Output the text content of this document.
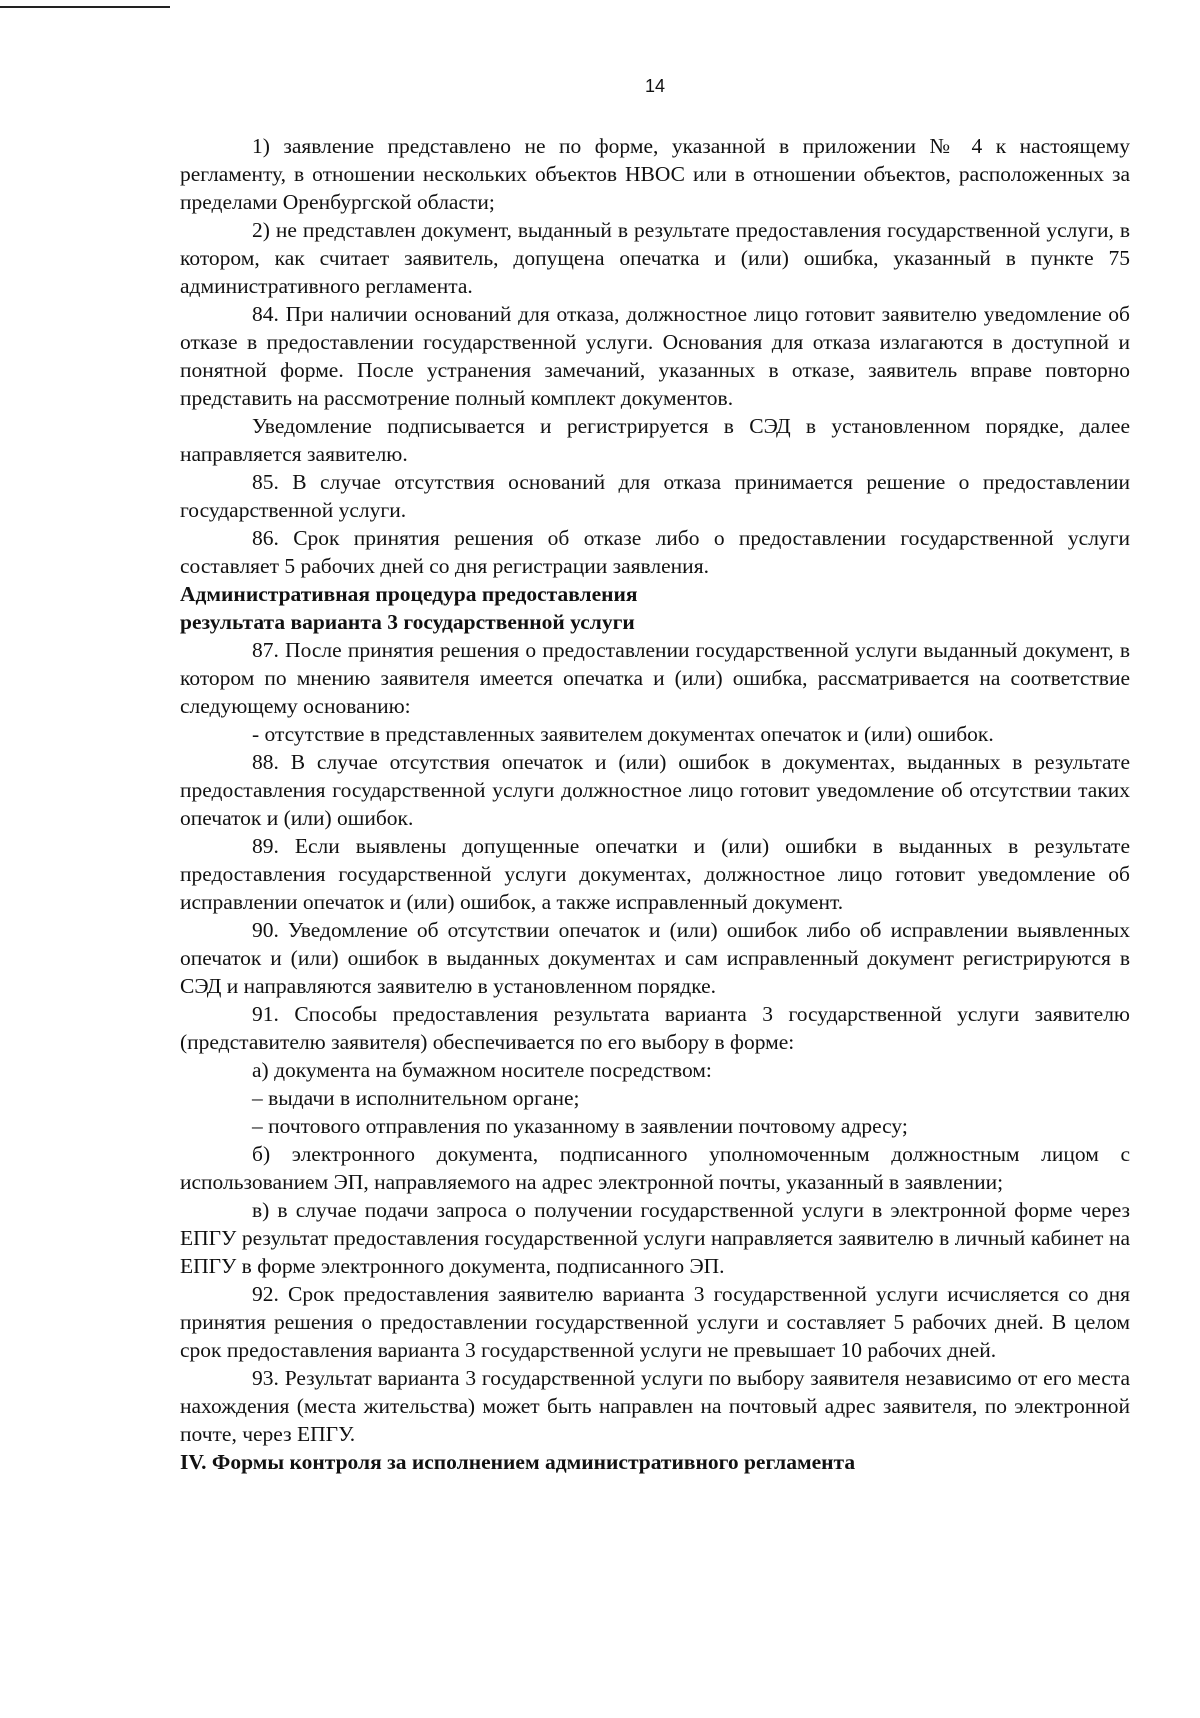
14

1) заявление представлено не по форме, указанной в приложении № 4 к настоящему регламенту, в отношении нескольких объектов НВОС или в отношении объектов, расположенных за пределами Оренбургской области;

2) не представлен документ, выданный в результате предоставления государственной услуги, в котором, как считает заявитель, допущена опечатка и (или) ошибка, указанный в пункте 75 административного регламента.

84. При наличии оснований для отказа, должностное лицо готовит заявителю уведомление об отказе в предоставлении государственной услуги. Основания для отказа излагаются в доступной и понятной форме. После устранения замечаний, указанных в отказе, заявитель вправе повторно представить на рассмотрение полный комплект документов.

Уведомление подписывается и регистрируется в СЭД в установленном порядке, далее направляется заявителю.

85. В случае отсутствия оснований для отказа принимается решение о предоставлении государственной услуги.

86. Срок принятия решения об отказе либо о предоставлении государственной услуги составляет 5 рабочих дней со дня регистрации заявления.

Административная процедура предоставления
результата варианта 3 государственной услуги

87. После принятия решения о предоставлении государственной услуги выданный документ, в котором по мнению заявителя имеется опечатка и (или) ошибка, рассматривается на соответствие следующему основанию:

- отсутствие в представленных заявителем документах опечаток и (или) ошибок.

88. В случае отсутствия опечаток и (или) ошибок в документах, выданных в результате предоставления государственной услуги должностное лицо готовит уведомление об отсутствии таких опечаток и (или) ошибок.

89. Если выявлены допущенные опечатки и (или) ошибки в выданных в результате предоставления государственной услуги документах, должностное лицо готовит уведомление об исправлении опечаток и (или) ошибок, а также исправленный документ.

90. Уведомление об отсутствии опечаток и (или) ошибок либо об исправлении выявленных опечаток и (или) ошибок в выданных документах и сам исправленный документ регистрируются в СЭД и направляются заявителю в установленном порядке.

91. Способы предоставления результата варианта 3 государственной услуги заявителю (представителю заявителя) обеспечивается по его выбору в форме:

а) документа на бумажном носителе посредством:

– выдачи в исполнительном органе;

– почтового отправления по указанному в заявлении почтовому адресу;

б) электронного документа, подписанного уполномоченным должностным лицом с использованием ЭП, направляемого на адрес электронной почты, указанный в заявлении;

в) в случае подачи запроса о получении государственной услуги в электронной форме через ЕПГУ результат предоставления государственной услуги направляется заявителю в личный кабинет на ЕПГУ в форме электронного документа, подписанного ЭП.

92. Срок предоставления заявителю варианта 3 государственной услуги исчисляется со дня принятия решения о предоставлении государственной услуги и составляет 5 рабочих дней. В целом срок предоставления варианта 3 государственной услуги не превышает 10 рабочих дней.

93. Результат варианта 3 государственной услуги по выбору заявителя независимо от его места нахождения (места жительства) может быть направлен на почтовый адрес заявителя, по электронной почте, через ЕПГУ.

IV. Формы контроля за исполнением административного регламента
